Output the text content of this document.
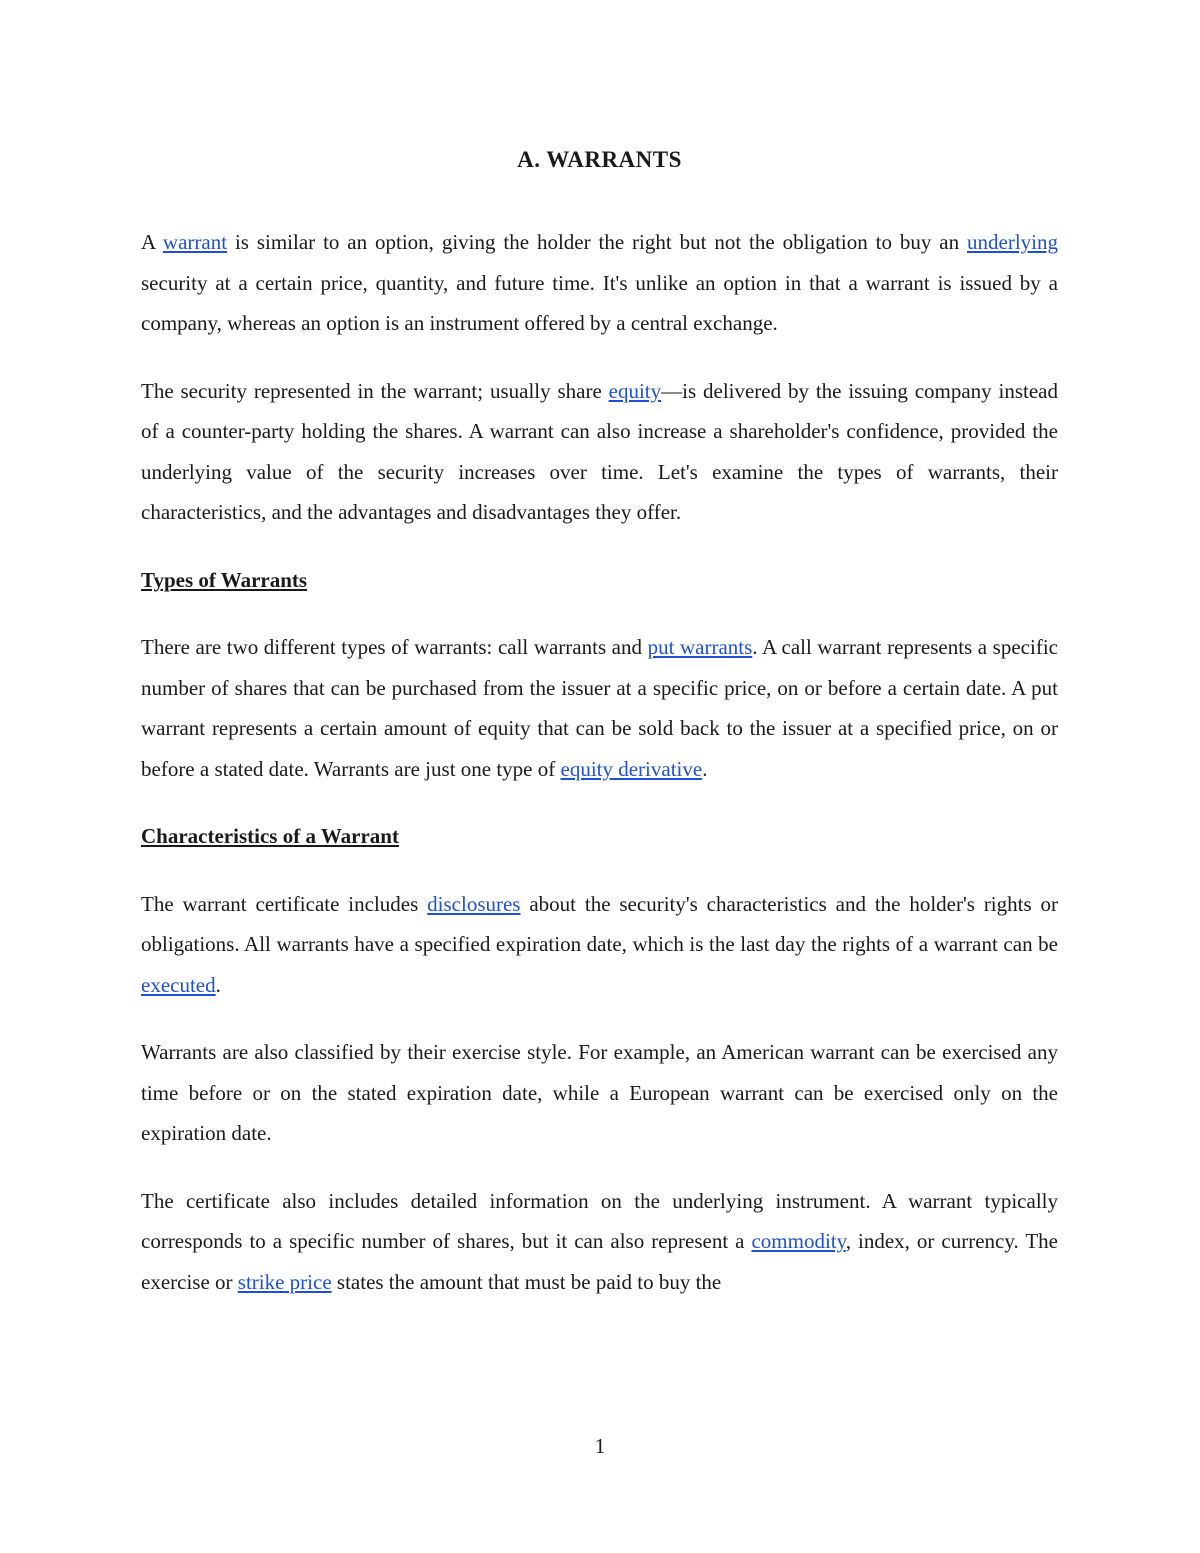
A. WARRANTS

A warrant is similar to an option, giving the holder the right but not the obligation to buy an underlying security at a certain price, quantity, and future time. It's unlike an option in that a warrant is issued by a company, whereas an option is an instrument offered by a central exchange.

The security represented in the warrant; usually share equity—is delivered by the issuing company instead of a counter-party holding the shares. A warrant can also increase a shareholder's confidence, provided the underlying value of the security increases over time. Let's examine the types of warrants, their characteristics, and the advantages and disadvantages they offer.

Types of Warrants

There are two different types of warrants: call warrants and put warrants. A call warrant represents a specific number of shares that can be purchased from the issuer at a specific price, on or before a certain date. A put warrant represents a certain amount of equity that can be sold back to the issuer at a specified price, on or before a stated date. Warrants are just one type of equity derivative.

Characteristics of a Warrant

The warrant certificate includes disclosures about the security's characteristics and the holder's rights or obligations. All warrants have a specified expiration date, which is the last day the rights of a warrant can be executed.

Warrants are also classified by their exercise style. For example, an American warrant can be exercised any time before or on the stated expiration date, while a European warrant can be exercised only on the expiration date.

The certificate also includes detailed information on the underlying instrument. A warrant typically corresponds to a specific number of shares, but it can also represent a commodity, index, or currency. The exercise or strike price states the amount that must be paid to buy the

1
